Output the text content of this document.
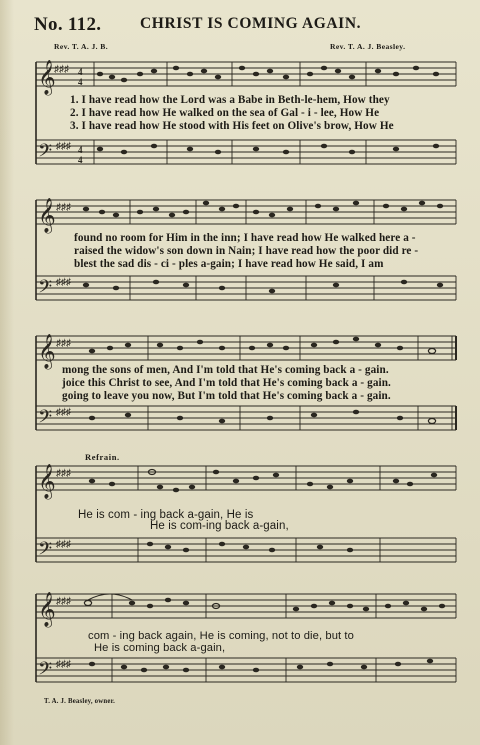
No. 112. CHRIST IS COMING AGAIN.
Rev. T. A. J. B.	Rev. T. A. J. Beasley.
𝄞
𝄢
♯♯♯
♯♯♯
4
4
4
4
1. I have read how the Lord was a Babe in Beth-le-hem, How they
2. I have read how He walked on the sea of Gal - i - lee, How He
3. I have read how He stood with His feet on Olive's brow, How He
𝄞
𝄢
♯♯♯
♯♯♯
found no room for Him in the inn; I have read how He walked here a -
raised the widow's son down in Nain; I have read how the poor did re -
blest the sad dis - ci - ples a-gain; I have read how He said, I am
𝄞
𝄢
♯♯♯
♯♯♯
mong the sons of men, And I'm told that He's coming back a - gain.
joice this Christ to see, And I'm told that He's coming back a - gain.
going to leave you now, But I'm told that He's coming back a - gain.
Refrain.
𝄞
𝄢
♯♯♯
♯♯♯
He is com - ing back a-gain, He is
He is com-ing back a-gain,
𝄞
𝄢
♯♯♯
♯♯♯
com - ing back again, He is coming, not to die, but to
He is coming back a-gain,
T. A. J. Beasley, owner.
